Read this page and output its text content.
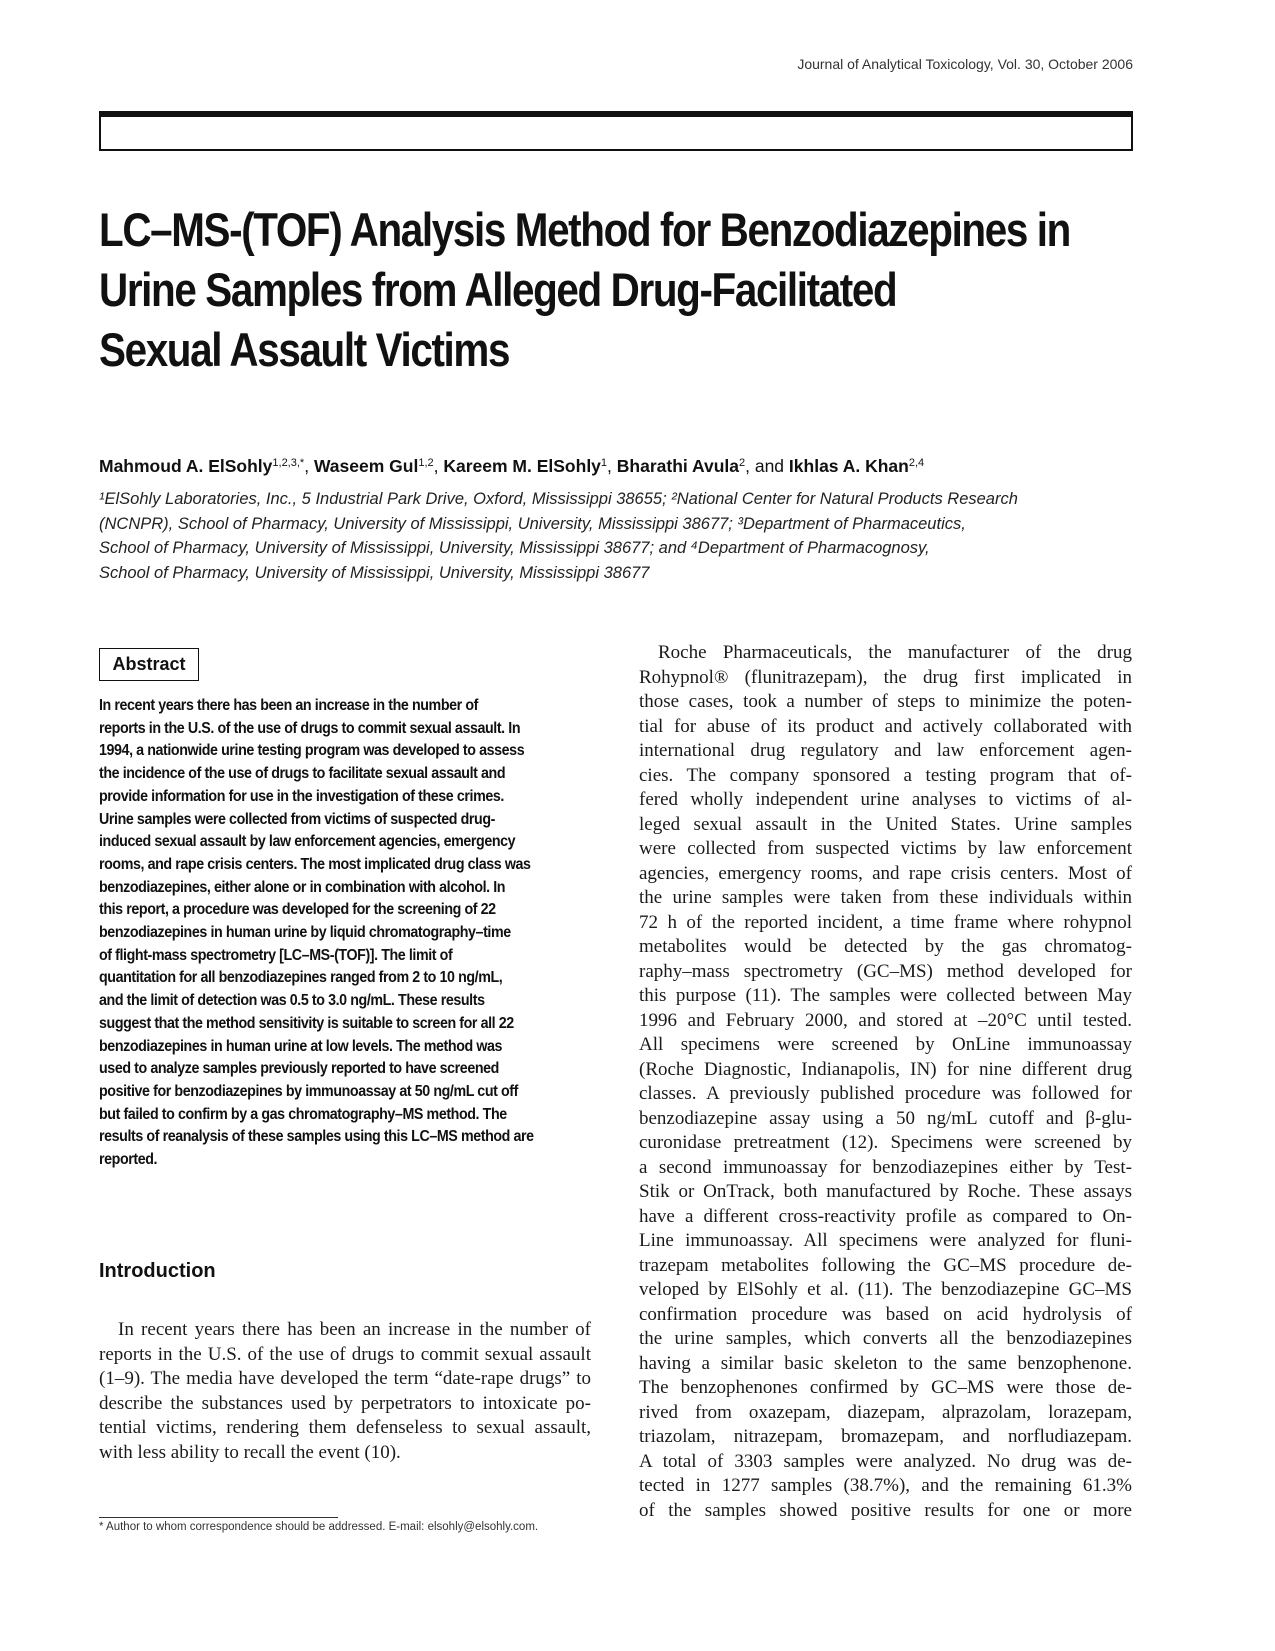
Journal of Analytical Toxicology, Vol. 30, October 2006
LC–MS-(TOF) Analysis Method for Benzodiazepines in
Urine Samples from Alleged Drug-Facilitated
Sexual Assault Victims
Mahmoud A. ElSohly$^{1,2,3,*}$, Waseem Gul$^{1,2}$, Kareem M. ElSohly$^1$, Bharathi Avula$^2$, and Ikhlas A. Khan$^{2,4}$
¹ElSohly Laboratories, Inc., 5 Industrial Park Drive, Oxford, Mississippi 38655; ²National Center for Natural Products Research
(NCNPR), School of Pharmacy, University of Mississippi, University, Mississippi 38677; ³Department of Pharmaceutics,
School of Pharmacy, University of Mississippi, University, Mississippi 38677; and ⁴Department of Pharmacognosy,
School of Pharmacy, University of Mississippi, University, Mississippi 38677
Abstract
In recent years there has been an increase in the number of
reports in the U.S. of the use of drugs to commit sexual assault. In
1994, a nationwide urine testing program was developed to assess
the incidence of the use of drugs to facilitate sexual assault and
provide information for use in the investigation of these crimes.
Urine samples were collected from victims of suspected drug-
induced sexual assault by law enforcement agencies, emergency
rooms, and rape crisis centers. The most implicated drug class was
benzodiazepines, either alone or in combination with alcohol. In
this report, a procedure was developed for the screening of 22
benzodiazepines in human urine by liquid chromatography–time
of flight-mass spectrometry [LC–MS-(TOF)]. The limit of
quantitation for all benzodiazepines ranged from 2 to 10 ng/mL,
and the limit of detection was 0.5 to 3.0 ng/mL. These results
suggest that the method sensitivity is suitable to screen for all 22
benzodiazepines in human urine at low levels. The method was
used to analyze samples previously reported to have screened
positive for benzodiazepines by immunoassay at 50 ng/mL cut off
but failed to confirm by a gas chromatography–MS method. The
results of reanalysis of these samples using this LC–MS method are
reported.
Introduction
 In recent years there has been an increase in the number of
reports in the U.S. of the use of drugs to commit sexual assault
(1–9). The media have developed the term “date-rape drugs” to
describe the substances used by perpetrators to intoxicate po-
tential victims, rendering them defenseless to sexual assault,
with less ability to recall the event (10).
 Roche Pharmaceuticals, the manufacturer of the drug
Rohypnol® (flunitrazepam), the drug first implicated in
those cases, took a number of steps to minimize the poten-
tial for abuse of its product and actively collaborated with
international drug regulatory and law enforcement agen-
cies. The company sponsored a testing program that of-
fered wholly independent urine analyses to victims of al-
leged sexual assault in the United States. Urine samples
were collected from suspected victims by law enforcement
agencies, emergency rooms, and rape crisis centers. Most of
the urine samples were taken from these individuals within
72 h of the reported incident, a time frame where rohypnol
metabolites would be detected by the gas chromatog-
raphy–mass spectrometry (GC–MS) method developed for
this purpose (11). The samples were collected between May
1996 and February 2000, and stored at –20°C until tested.
All specimens were screened by OnLine immunoassay
(Roche Diagnostic, Indianapolis, IN) for nine different drug
classes. A previously published procedure was followed for
benzodiazepine assay using a 50 ng/mL cutoff and β-glu-
curonidase pretreatment (12). Specimens were screened by
a second immunoassay for benzodiazepines either by Test-
Stik or OnTrack, both manufactured by Roche. These assays
have a different cross-reactivity profile as compared to On-
Line immunoassay. All specimens were analyzed for fluni-
trazepam metabolites following the GC–MS procedure de-
veloped by ElSohly et al. (11). The benzodiazepine GC–MS
confirmation procedure was based on acid hydrolysis of
the urine samples, which converts all the benzodiazepines
having a similar basic skeleton to the same benzophenone.
The benzophenones confirmed by GC–MS were those de-
rived from oxazepam, diazepam, alprazolam, lorazepam,
triazolam, nitrazepam, bromazepam, and norfludiazepam.
A total of 3303 samples were analyzed. No drug was de-
tected in 1277 samples (38.7%), and the remaining 61.3%
of the samples showed positive results for one or more
* Author to whom correspondence should be addressed. E-mail: elsohly@elsohly.com.
